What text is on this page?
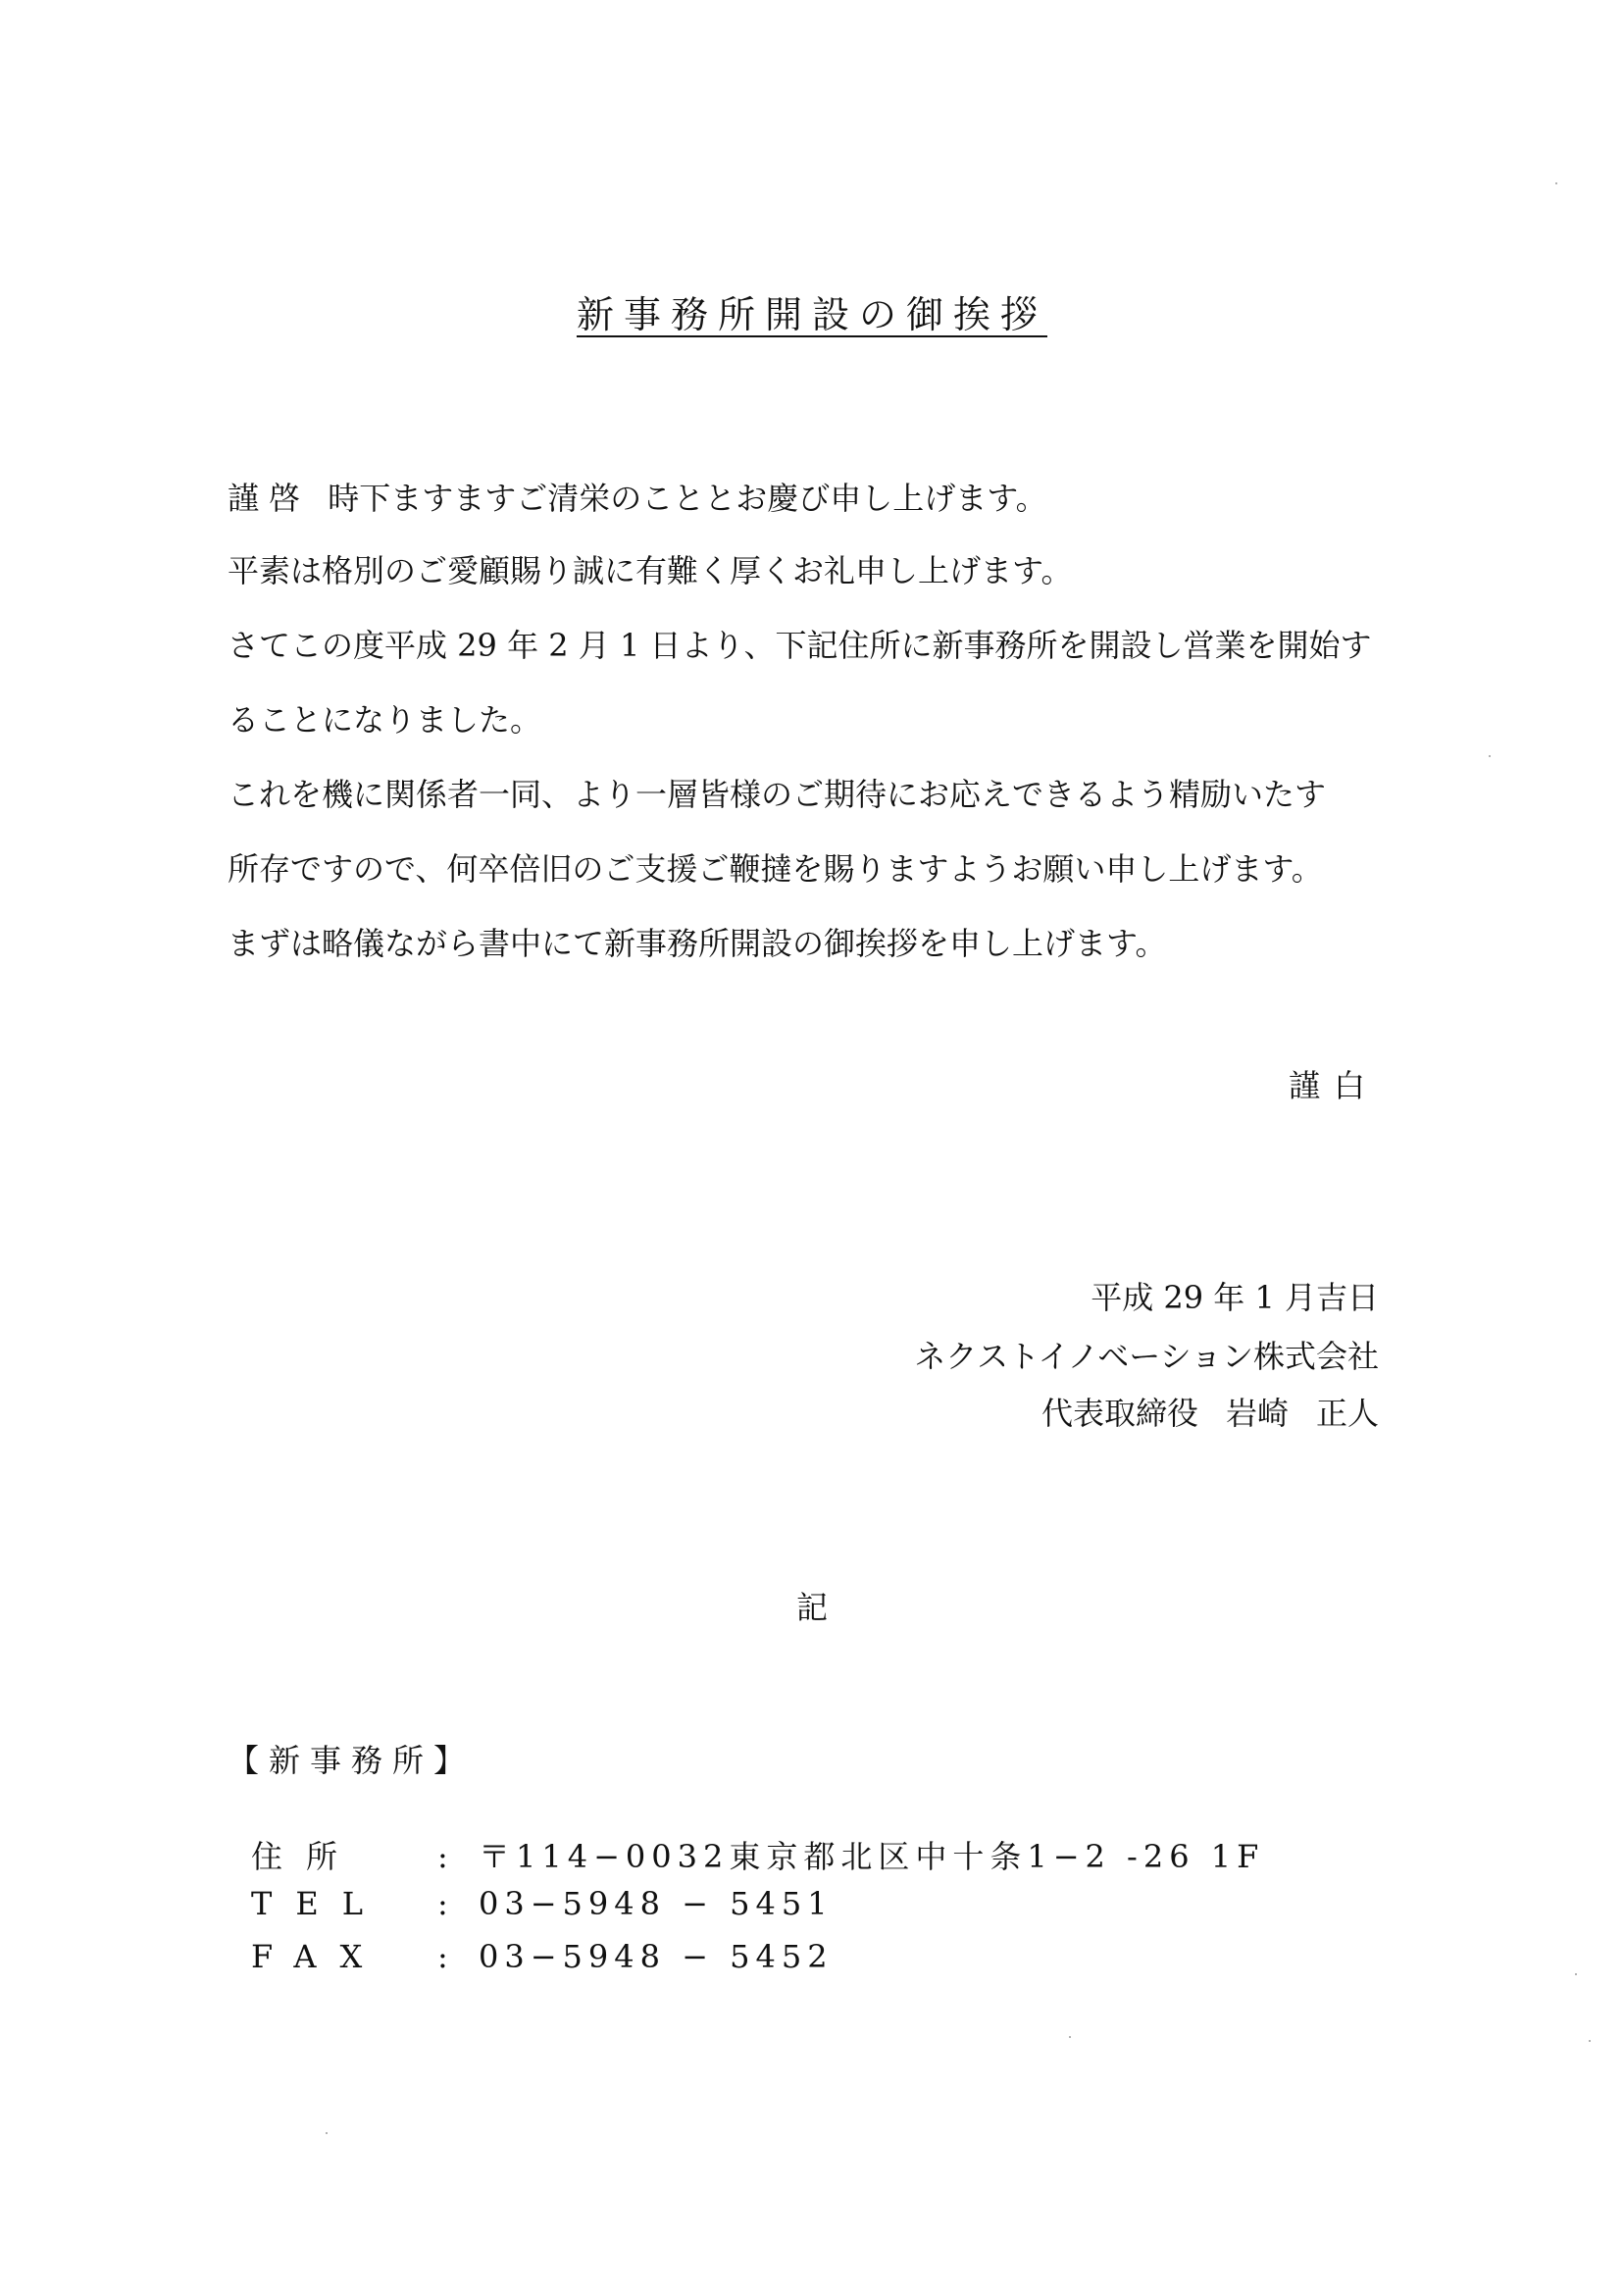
新事務所開設の御挨拶
謹啓 時下ますますご清栄のこととお慶び申し上げます。
平素は格別のご愛顧賜り誠に有難く厚くお礼申し上げます。
さてこの度平成 29 年 2 月 1 日より、下記住所に新事務所を開設し営業を開始す
ることになりました。
これを機に関係者一同、より一層皆様のご期待にお応えできるよう精励いたす
所存ですので、何卒倍旧のご支援ご鞭撻を賜りますようお願い申し上げます。
まずは略儀ながら書中にて新事務所開設の御挨拶を申し上げます。
謹白
平成 29 年 1 月吉日
ネクストイノベーション株式会社
代表取締役 岩崎 正人
記
【新事務所】
住所 : 〒114−0032東京都北区中十条1−2 -26 1F
TEL : 03−5948 − 5451
FAX : 03−5948 − 5452
